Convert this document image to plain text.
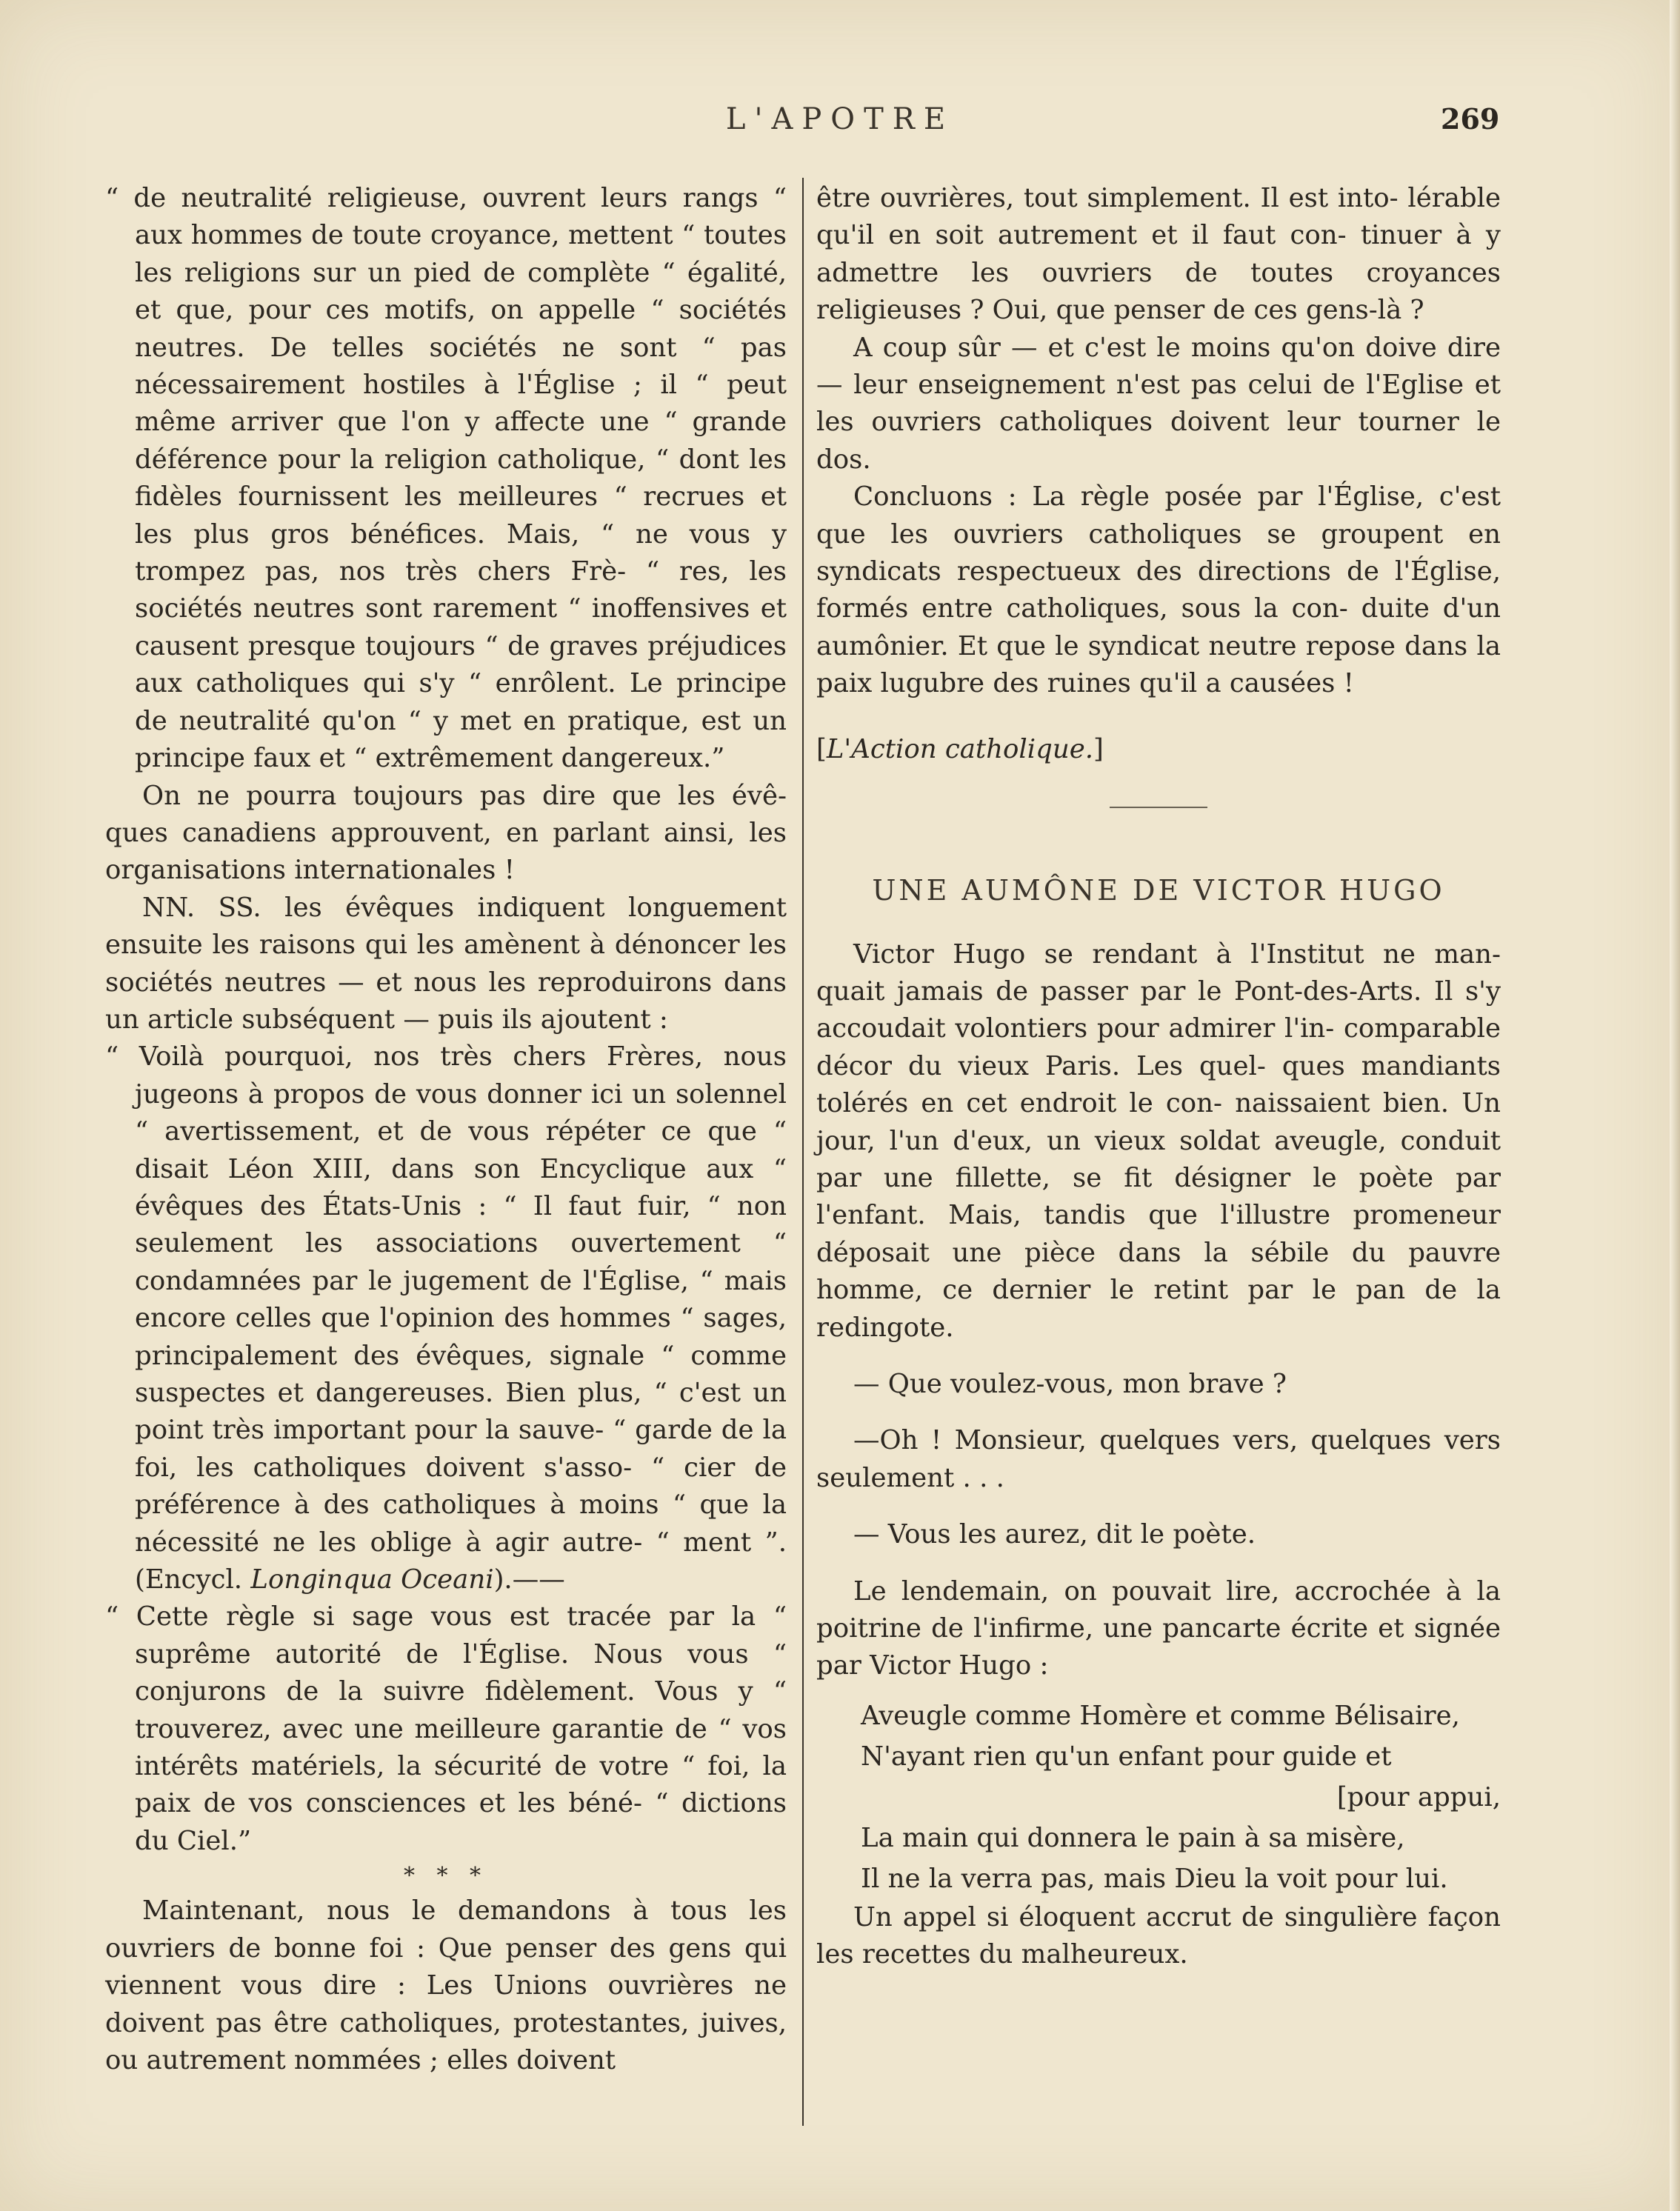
L'APOTRE	269

“ de neutralité religieuse, ouvrent leurs rangs “ aux hommes de toute croyance, mettent “ toutes les religions sur un pied de complète “ égalité, et que, pour ces motifs, on appelle “ sociétés neutres. De telles sociétés ne sont “ pas nécessairement hostiles à l'Église ; il “ peut même arriver que l'on y affecte une “ grande déférence pour la religion catholique, “ dont les fidèles fournissent les meilleures “ recrues et les plus gros bénéfices. Mais, “ ne vous y trompez pas, nos très chers Frè- “ res, les sociétés neutres sont rarement “ inoffensives et causent presque toujours “ de graves préjudices aux catholiques qui s'y “ enrôlent. Le principe de neutralité qu'on “ y met en pratique, est un principe faux et “ extrêmement dangereux.”

On ne pourra toujours pas dire que les évê- ques canadiens approuvent, en parlant ainsi, les organisations internationales !

NN. SS. les évêques indiquent longuement ensuite les raisons qui les amènent à dénoncer les sociétés neutres — et nous les reproduirons dans un article subséquent — puis ils ajoutent :

“ Voilà pourquoi, nos très chers Frères, nous jugeons à propos de vous donner ici un solennel “ avertissement, et de vous répéter ce que “ disait Léon XIII, dans son Encyclique aux “ évêques des États-Unis : “ Il faut fuir, “ non seulement les associations ouvertement “ condamnées par le jugement de l'Église, “ mais encore celles que l'opinion des hommes “ sages, principalement des évêques, signale “ comme suspectes et dangereuses. Bien plus, “ c'est un point très important pour la sauve- “ garde de la foi, les catholiques doivent s'asso- “ cier de préférence à des catholiques à moins “ que la nécessité ne les oblige à agir autre- “ ment ”. (Encycl. Longinqua Oceani).——

“ Cette règle si sage vous est tracée par la “ suprême autorité de l'Église. Nous vous “ conjurons de la suivre fidèlement. Vous y “ trouverez, avec une meilleure garantie de “ vos intérêts matériels, la sécurité de votre “ foi, la paix de vos consciences et les béné- “ dictions du Ciel.”

* * *

Maintenant, nous le demandons à tous les ouvriers de bonne foi : Que penser des gens qui viennent vous dire : Les Unions ouvrières ne doivent pas être catholiques, protestantes, juives, ou autrement nommées ; elles doivent

être ouvrières, tout simplement. Il est into- lérable qu'il en soit autrement et il faut con- tinuer à y admettre les ouvriers de toutes croyances religieuses ? Oui, que penser de ces gens-là ?

A coup sûr — et c'est le moins qu'on doive dire — leur enseignement n'est pas celui de l'Eglise et les ouvriers catholiques doivent leur tourner le dos.

Concluons : La règle posée par l'Église, c'est que les ouvriers catholiques se groupent en syndicats respectueux des directions de l'Église, formés entre catholiques, sous la con- duite d'un aumônier. Et que le syndicat neutre repose dans la paix lugubre des ruines qu'il a causées !

[L'Action catholique.]

UNE AUMÔNE DE VICTOR HUGO

Victor Hugo se rendant à l'Institut ne man- quait jamais de passer par le Pont-des-Arts. Il s'y accoudait volontiers pour admirer l'in- comparable décor du vieux Paris. Les quel- ques mandiants tolérés en cet endroit le con- naissaient bien. Un jour, l'un d'eux, un vieux soldat aveugle, conduit par une fillette, se fit désigner le poète par l'enfant. Mais, tandis que l'illustre promeneur déposait une pièce dans la sébile du pauvre homme, ce dernier le retint par le pan de la redingote.

— Que voulez-vous, mon brave ?

—Oh ! Monsieur, quelques vers, quelques vers seulement . . .

— Vous les aurez, dit le poète.

Le lendemain, on pouvait lire, accrochée à la poitrine de l'infirme, une pancarte écrite et signée par Victor Hugo :

Aveugle comme Homère et comme Bélisaire,

N'ayant rien qu'un enfant pour guide et

[pour appui,

La main qui donnera le pain à sa misère,

Il ne la verra pas, mais Dieu la voit pour lui.

Un appel si éloquent accrut de singulière façon les recettes du malheureux.
